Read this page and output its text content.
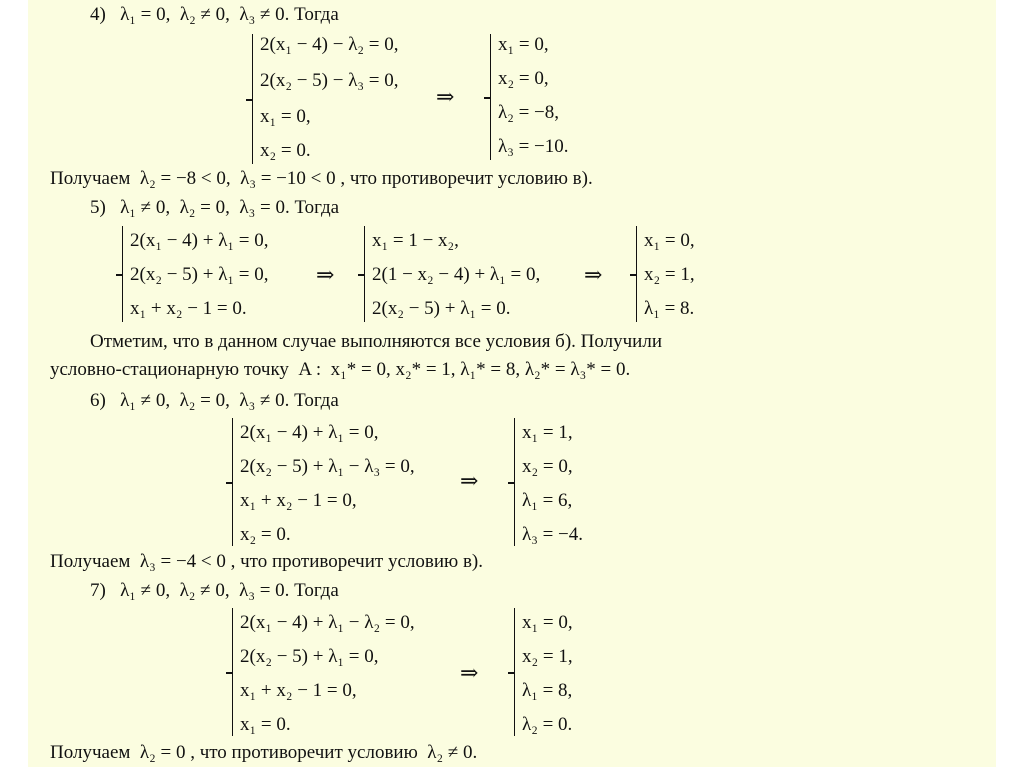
4)   λ₁ = 0,  λ₂ ≠ 0,  λ₃ ≠ 0. Тогда
2(x₁ − 4) − λ₂ = 0,
2(x₂ − 5) − λ₃ = 0,
x₁ = 0,
x₂ = 0.
⇒
x₁ = 0,
x₂ = 0,
λ₂ = −8,
λ₃ = −10.
Получаем  λ₂ = −8 < 0,  λ₃ = −10 < 0 , что противоречит условию в).
5)   λ₁ ≠ 0,  λ₂ = 0,  λ₃ = 0. Тогда
2(x₁ − 4) + λ₁ = 0,
2(x₂ − 5) + λ₁ = 0,
x₁ + x₂ − 1 = 0.
⇒
x₁ = 1 − x₂,
2(1 − x₂ − 4) + λ₁ = 0,
2(x₂ − 5) + λ₁ = 0.
⇒
x₁ = 0,
x₂ = 1,
λ₁ = 8.
Отметим, что в данном случае выполняются все условия б). Получили
условно-стационарную точку  A :  x₁* = 0, x₂* = 1, λ₁* = 8, λ₂* = λ₃* = 0.
6)   λ₁ ≠ 0,  λ₂ = 0,  λ₃ ≠ 0. Тогда
2(x₁ − 4) + λ₁ = 0,
2(x₂ − 5) + λ₁ − λ₃ = 0,
x₁ + x₂ − 1 = 0,
x₂ = 0.
⇒
x₁ = 1,
x₂ = 0,
λ₁ = 6,
λ₃ = −4.
Получаем  λ₃ = −4 < 0 , что противоречит условию в).
7)   λ₁ ≠ 0,  λ₂ ≠ 0,  λ₃ = 0. Тогда
2(x₁ − 4) + λ₁ − λ₂ = 0,
2(x₂ − 5) + λ₁ = 0,
x₁ + x₂ − 1 = 0,
x₁ = 0.
⇒
x₁ = 0,
x₂ = 1,
λ₁ = 8,
λ₂ = 0.
Получаем  λ₂ = 0 , что противоречит условию  λ₂ ≠ 0.
